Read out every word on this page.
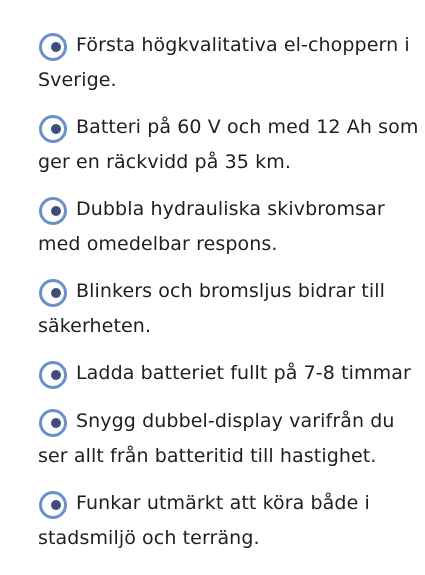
Första högkvalitativa el-choppern i
Sverige.
Batteri på 60 V och med 12 Ah som
ger en räckvidd på 35 km.
Dubbla hydrauliska skivbromsar
med omedelbar respons.
Blinkers och bromsljus bidrar till
säkerheten.
Ladda batteriet fullt på 7-8 timmar
Snygg dubbel-display varifrån du
ser allt från batteritid till hastighet.
Funkar utmärkt att köra både i
stadsmiljö och terräng.
